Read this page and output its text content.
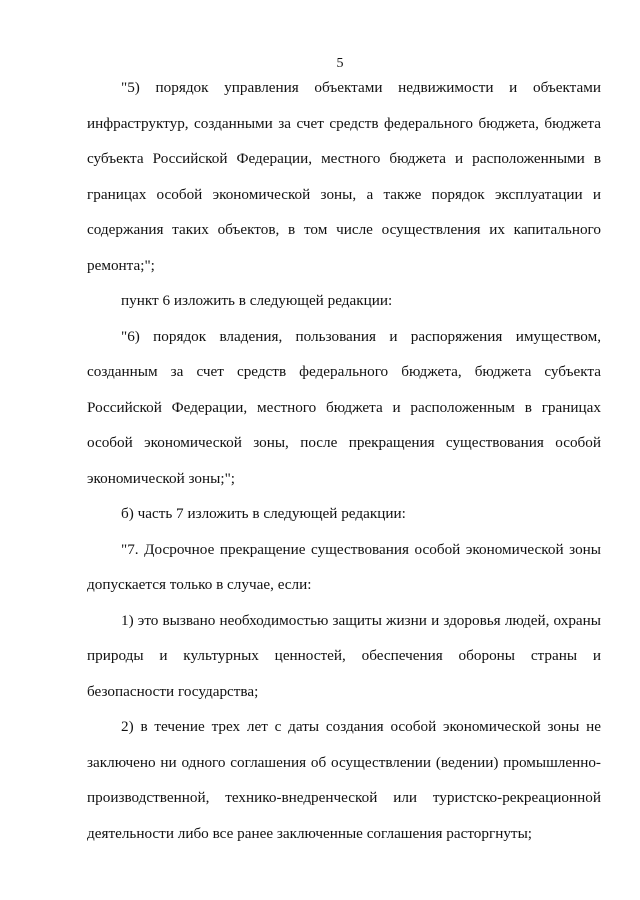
5

"5) порядок управления объектами недвижимости и объектами инфраструктур, созданными за счет средств федерального бюджета, бюджета субъекта Российской Федерации, местного бюджета и расположенными в границах особой экономической зоны, а также порядок эксплуатации и содержания таких объектов, в том числе осуществления их капитального ремонта;";

пункт 6 изложить в следующей редакции:

"6) порядок владения, пользования и распоряжения имуществом, созданным за счет средств федерального бюджета, бюджета субъекта Российской Федерации, местного бюджета и расположенным в границах особой экономической зоны, после прекращения существования особой экономической зоны;";

б) часть 7 изложить в следующей редакции:

"7. Досрочное прекращение существования особой экономической зоны допускается только в случае, если:

1) это вызвано необходимостью защиты жизни и здоровья людей, охраны природы и культурных ценностей, обеспечения обороны страны и безопасности государства;

2) в течение трех лет с даты создания особой экономической зоны не заключено ни одного соглашения об осуществлении (ведении) промышленно-производственной, технико-внедренческой или туристско-рекреационной деятельности либо все ранее заключенные соглашения расторгнуты;
